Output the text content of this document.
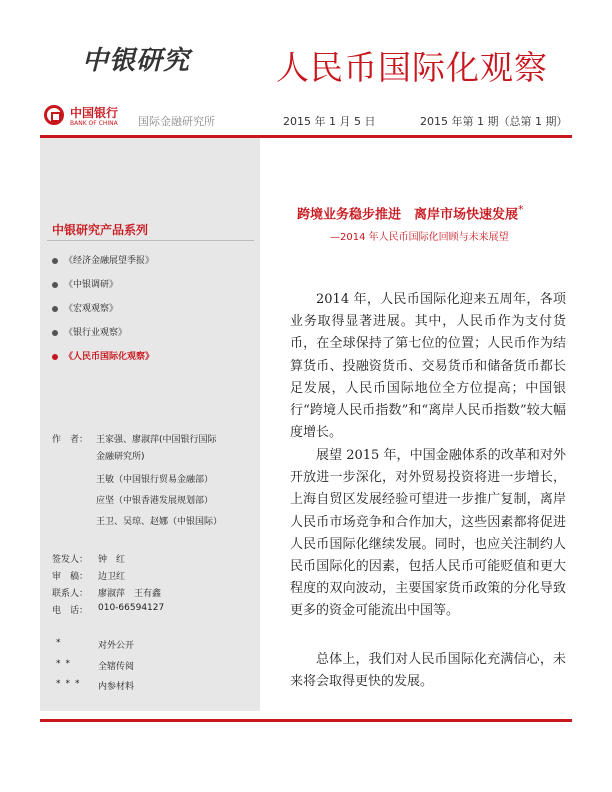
中银研究	人民币国际化观察
中国银行
BANK OF CHINA 国际金融研究所	2015 年 1 月 5 日	2015 年第 1 期（总第 1 期）
中银研究产品系列
《经济金融展望季报》
《中银调研》
《宏观观察》
《银行业观察》
《人民币国际化观察》
作　者： 王家强、廖淑萍(中国银行国际
金融研究所)
王敏（中国银行贸易金融部）
应坚（中银香港发展规划部）
王卫、吴琼、赵娜（中银国际）
签发人： 钟　红
审　稿： 边卫红
联系人： 廖淑萍　王有鑫
电　话： 010-66594127
*	对外公开
**	全辖传阅
*** 内参材料
跨境业务稳步推进　离岸市场快速发展*
—2014 年人民币国际化回顾与未来展望

2014 年，人民币国际化迎来五周年，各项业务取得显著进展。其中，人民币作为支付货币，在全球保持了第七位的位置；人民币作为结算货币、投融资货币、交易货币和储备货币都长足发展，人民币国际地位全方位提高；中国银行“跨境人民币指数”和“离岸人民币指数”较大幅度增长。

展望 2015 年，中国金融体系的改革和对外开放进一步深化，对外贸易投资将进一步增长，上海自贸区发展经验可望进一步推广复制，离岸人民币市场竞争和合作加大，这些因素都将促进人民币国际化继续发展。同时，也应关注制约人民币国际化的因素，包括人民币可能贬值和更大程度的双向波动，主要国家货币政策的分化导致更多的资金可能流出中国等。

总体上，我们对人民币国际化充满信心，未来将会取得更快的发展。
